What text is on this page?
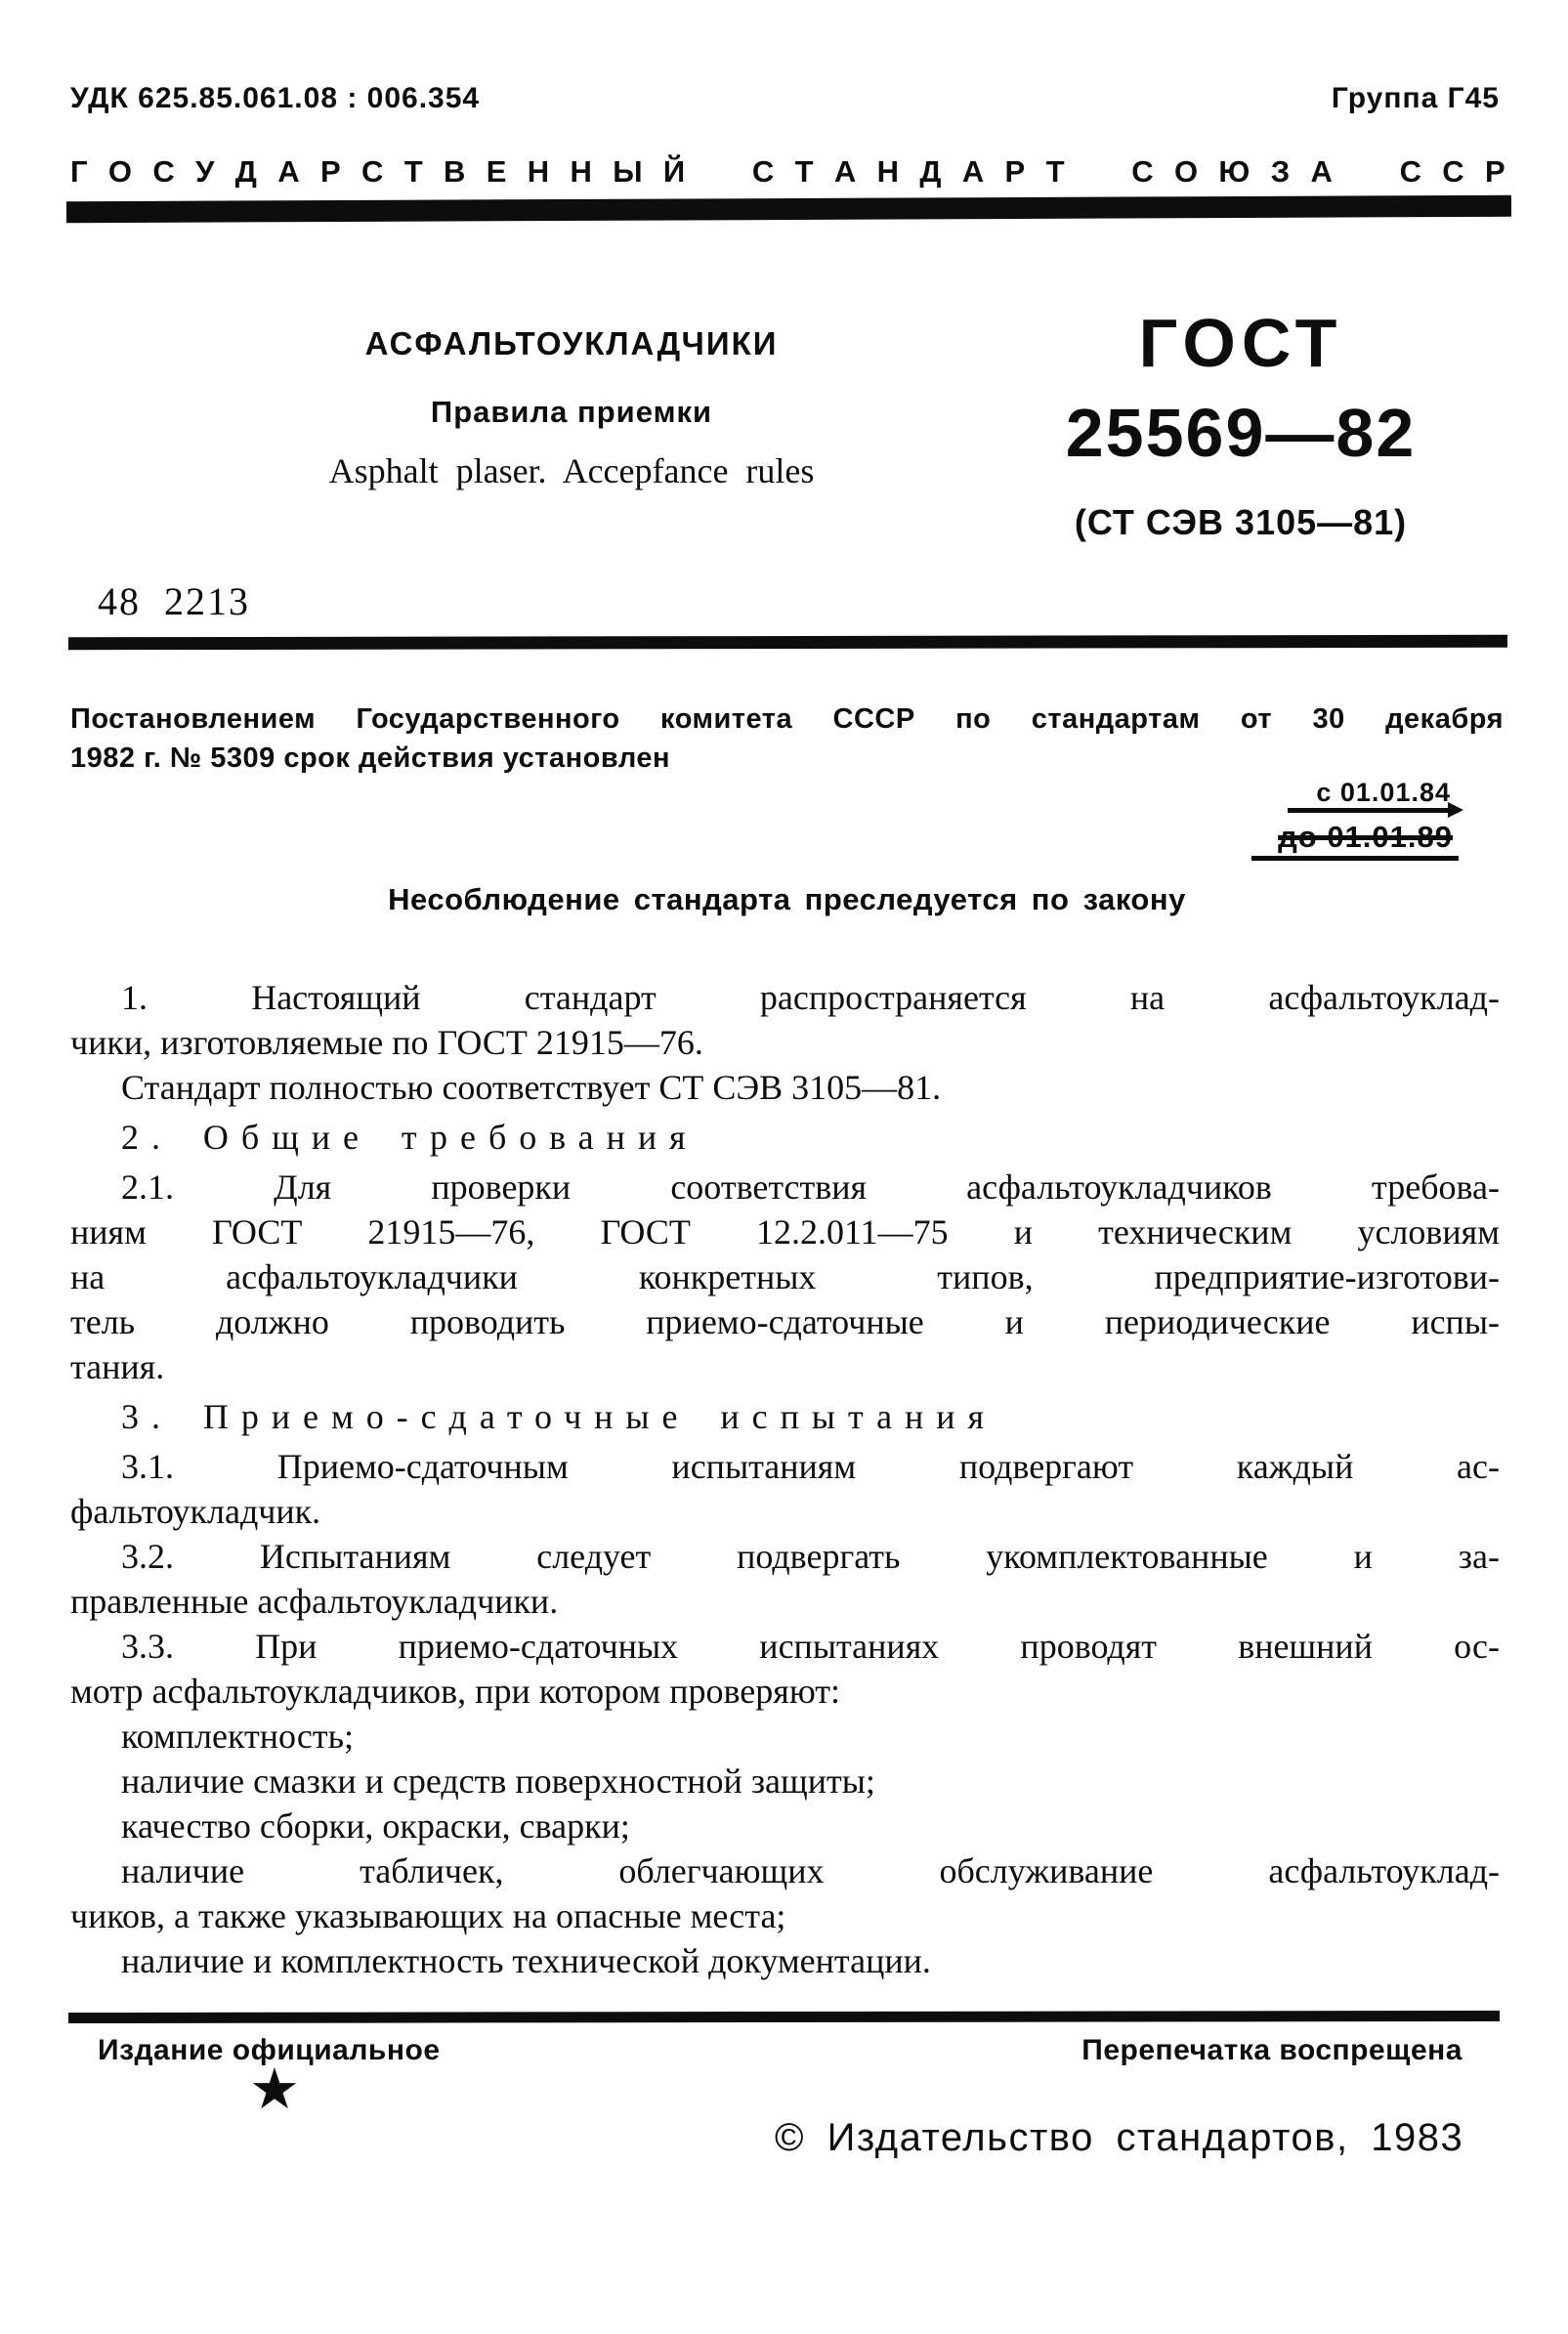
УДК 625.85.061.08 : 006.354	Группа Г45
Г О С У Д А Р С Т В Е Н Н Ы Й С Т А Н Д А Р Т С О Ю З А С С Р
АСФАЛЬТОУКЛАДЧИКИ
Правила приемки
Asphalt plaser. Accepfance rules
ГОСТ
25569—82
(СТ СЭВ 3105—81)
48 2213
Постановлением Государственного комитета СССР по стандартам от 30 декабря
1982 г. № 5309 срок действия установлен
с 01.01.84
до 01.01.89
Несоблюдение стандарта преследуется по закону
1. Настоящий стандарт распространяется на асфальтоуклад-
чики, изготовляемые по ГОСТ 21915—76.
Стандарт полностью соответствует СТ СЭВ 3105—81.
2. Общие требования
2.1. Для проверки соответствия асфальтоукладчиков требова-
ниям ГОСТ 21915—76, ГОСТ 12.2.011—75 и техническим условиям
на асфальтоукладчики конкретных типов, предприятие-изготови-
тель должно проводить приемо-сдаточные и периодические испы-
тания.
3. Приемо-сдаточные испытания
3.1. Приемо-сдаточным испытаниям подвергают каждый ас-
фальтоукладчик.
3.2. Испытаниям следует подвергать укомплектованные и за-
правленные асфальтоукладчики.
3.3. При приемо-сдаточных испытаниях проводят внешний ос-
мотр асфальтоукладчиков, при котором проверяют:
комплектность;
наличие смазки и средств поверхностной защиты;
качество сборки, окраски, сварки;
наличие табличек, облегчающих обслуживание асфальтоуклад-
чиков, а также указывающих на опасные места;
наличие и комплектность технической документации.
Издание официальное	Перепечатка воспрещена
★
© Издательство стандартов, 1983
